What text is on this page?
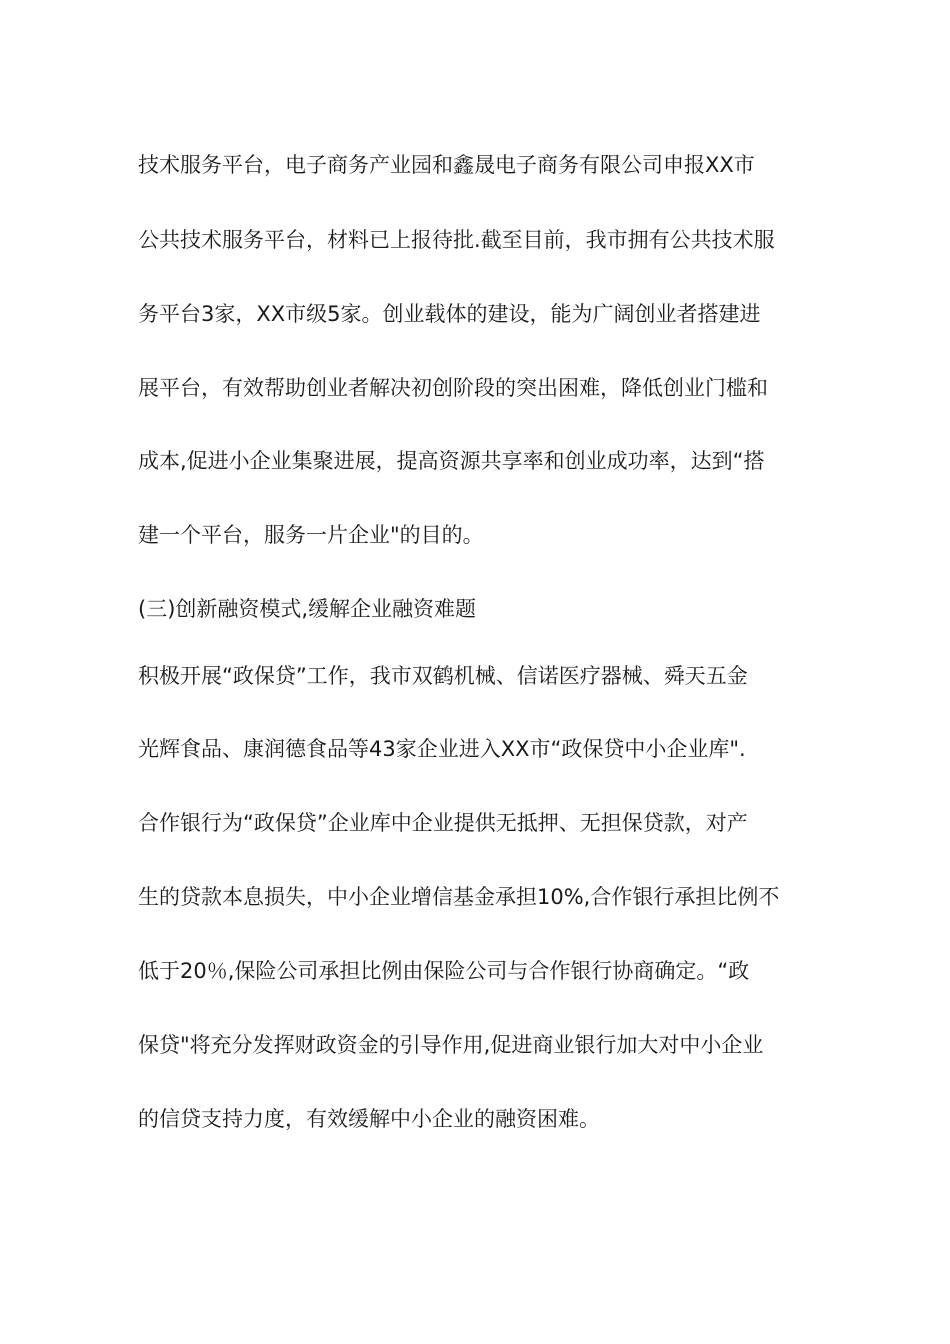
技术服务平台，电子商务产业园和鑫晟电子商务有限公司申报XX市
公共技术服务平台，材料已上报待批.截至目前，我市拥有公共技术服
务平台3家，XX市级5家。创业载体的建设，能为广阔创业者搭建进
展平台，有效帮助创业者解决初创阶段的突出困难，降低创业门槛和
成本,促进小企业集聚进展，提高资源共享率和创业成功率，达到“搭
建一个平台，服务一片企业"的目的。
(三)创新融资模式,缓解企业融资难题
积极开展“政保贷”工作，我市双鹤机械、信诺医疗器械、舜天五金
光辉食品、康润德食品等43家企业进入XX市“政保贷中小企业库".
合作银行为“政保贷”企业库中企业提供无抵押、无担保贷款，对产
生的贷款本息损失，中小企业增信基金承担10%,合作银行承担比例不
低于20％,保险公司承担比例由保险公司与合作银行协商确定。“政
保贷"将充分发挥财政资金的引导作用,促进商业银行加大对中小企业
的信贷支持力度，有效缓解中小企业的融资困难。
